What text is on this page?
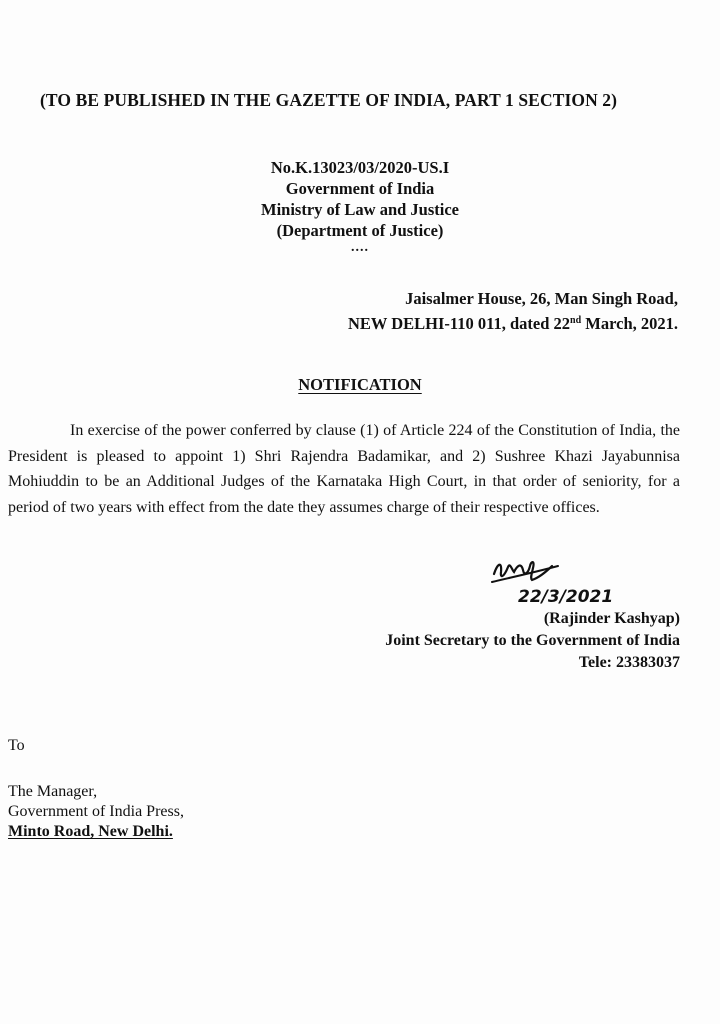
(TO BE PUBLISHED IN THE GAZETTE OF INDIA, PART 1 SECTION 2)
No.K.13023/03/2020-US.I
Government of India
Ministry of Law and Justice
(Department of Justice)
....
Jaisalmer House, 26, Man Singh Road,
NEW DELHI-110 011, dated 22nd March, 2021.
NOTIFICATION
In exercise of the power conferred by clause (1) of Article 224 of the Constitution of India, the President is pleased to appoint 1) Shri Rajendra Badamikar, and 2) Sushree Khazi Jayabunnisa Mohiuddin to be an Additional Judges of the Karnataka High Court, in that order of seniority, for a period of two years with effect from the date they assumes charge of their respective offices.
22/3/2021
(Rajinder Kashyap)
Joint Secretary to the Government of India
Tele: 23383037
To
The Manager,
Government of India Press,
Minto Road, New Delhi.
